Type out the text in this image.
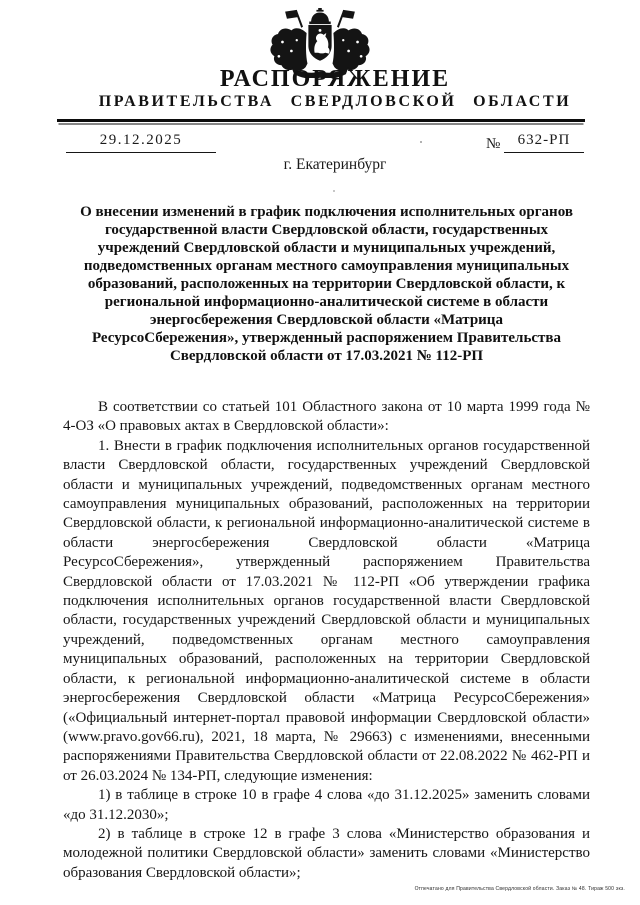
РАСПОРЯЖЕНИЕ
ПРАВИТЕЛЬСТВА СВЕРДЛОВСКОЙ ОБЛАСТИ
29.12.2025	№	632-РП
г. Екатеринбург
О внесении изменений в график подключения исполнительных органов государственной власти Свердловской области, государственных учреждений Свердловской области и муниципальных учреждений, подведомственных органам местного самоуправления муниципальных образований, расположенных на территории Свердловской области, к региональной информационно-аналитической системе в области энергосбережения Свердловской области «Матрица РесурсоСбережения», утвержденный распоряжением Правительства Свердловской области от 17.03.2021 № 112-РП

В соответствии со статьей 101 Областного закона от 10 марта 1999 года № 4-ОЗ «О правовых актах в Свердловской области»:

1. Внести в график подключения исполнительных органов государственной власти Свердловской области, государственных учреждений Свердловской области и муниципальных учреждений, подведомственных органам местного самоуправления муниципальных образований, расположенных на территории Свердловской области, к региональной информационно-аналитической системе в области энергосбережения Свердловской области «Матрица РесурсоСбережения», утвержденный распоряжением Правительства Свердловской области от 17.03.2021 № 112-РП «Об утверждении графика подключения исполнительных органов государственной власти Свердловской области, государственных учреждений Свердловской области и муниципальных учреждений, подведомственных органам местного самоуправления муниципальных образований, расположенных на территории Свердловской области, к региональной информационно-аналитической системе в области энергосбережения Свердловской области «Матрица РесурсоСбережения» («Официальный интернет-портал правовой информации Свердловской области» (www.pravo.gov66.ru), 2021, 18 марта, № 29663) с изменениями, внесенными распоряжениями Правительства Свердловской области от 22.08.2022 № 462-РП и от 26.03.2024 № 134-РП, следующие изменения:

1) в таблице в строке 10 в графе 4 слова «до 31.12.2025» заменить словами «до 31.12.2030»;

2) в таблице в строке 12 в графе 3 слова «Министерство образования и молодежной политики Свердловской области» заменить словами «Министерство образования Свердловской области»;

Отпечатано для Правительства Свердловской области. Заказ № 48. Тираж 500 экз.
